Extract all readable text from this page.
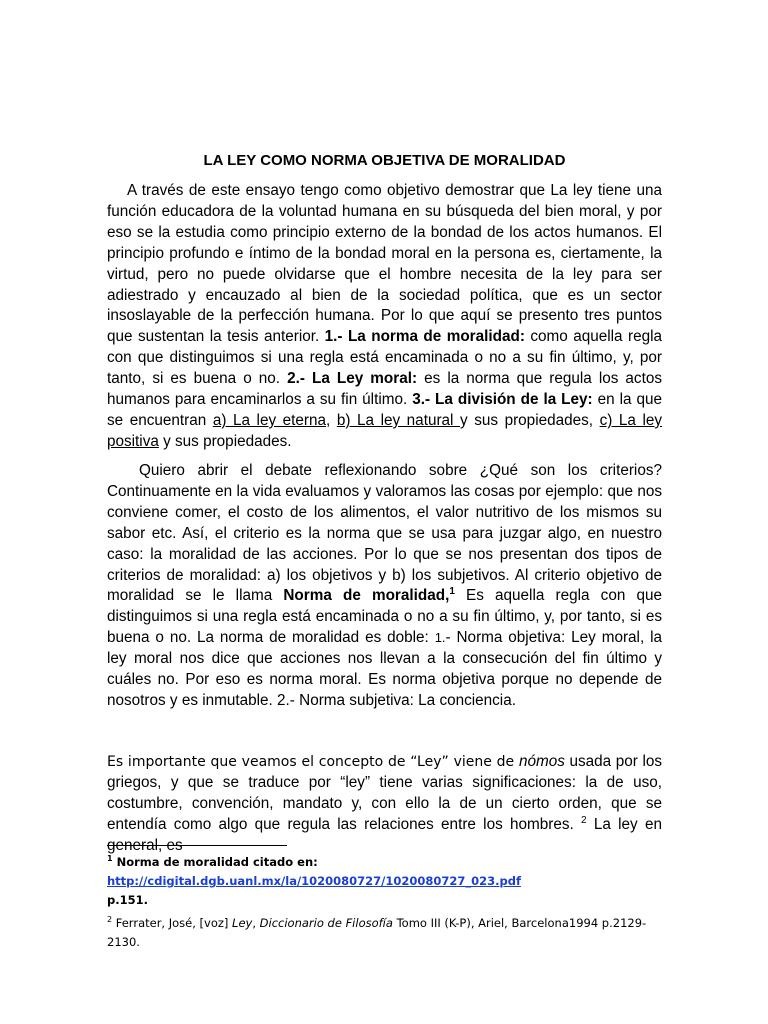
LA LEY COMO NORMA OBJETIVA DE MORALIDAD

A través de este ensayo tengo como objetivo demostrar que La ley tiene una función educadora de la voluntad humana en su búsqueda del bien moral, y por eso se la estudia como principio externo de la bondad de los actos humanos. El principio profundo e íntimo de la bondad moral en la persona es, ciertamente, la virtud, pero no puede olvidarse que el hombre necesita de la ley para ser adiestrado y encauzado al bien de la sociedad política, que es un sector insoslayable de la perfección humana. Por lo que aquí se presento tres puntos que sustentan la tesis anterior. 1.- La norma de moralidad: como aquella regla con que distinguimos si una regla está encaminada o no a su fin último, y, por tanto, si es buena o no. 2.- La Ley moral: es la norma que regula los actos humanos para encaminarlos a su fin último. 3.- La división de la Ley: en la que se encuentran a) La ley eterna, b) La ley natural y sus propiedades, c) La ley positiva y sus propiedades.

Quiero abrir el debate reflexionando sobre ¿Qué son los criterios? Continuamente en la vida evaluamos y valoramos las cosas por ejemplo: que nos conviene comer, el costo de los alimentos, el valor nutritivo de los mismos su sabor etc. Así, el criterio es la norma que se usa para juzgar algo, en nuestro caso: la moralidad de las acciones. Por lo que se nos presentan dos tipos de criterios de moralidad: a) los objetivos y b) los subjetivos. Al criterio objetivo de moralidad se le llama Norma de moralidad,$^1$ Es aquella regla con que distinguimos si una regla está encaminada o no a su fin último, y, por tanto, si es buena o no. La norma de moralidad es doble: 1.- Norma objetiva: Ley moral, la ley moral nos dice que acciones nos llevan a la consecución del fin último y cuáles no. Por eso es norma moral. Es norma objetiva porque no depende de nosotros y es inmutable. 2.- Norma subjetiva: La conciencia.

Es importante que veamos el concepto de “Ley” viene de nómos usada por los griegos, y que se traduce por “ley” tiene varias significaciones: la de uso, costumbre, convención, mandato y, con ello la de un cierto orden, que se entendía como algo que regula las relaciones entre los hombres. $^2$ La ley en general, es

$^1$ Norma de moralidad citado en: http://cdigital.dgb.uanl.mx/la/1020080727/1020080727_023.pdf
p.151.
$^2$ Ferrater, José, [voz] Ley, Diccionario de Filosofía Tomo III (K-P), Ariel, Barcelona1994 p.2129-2130.
